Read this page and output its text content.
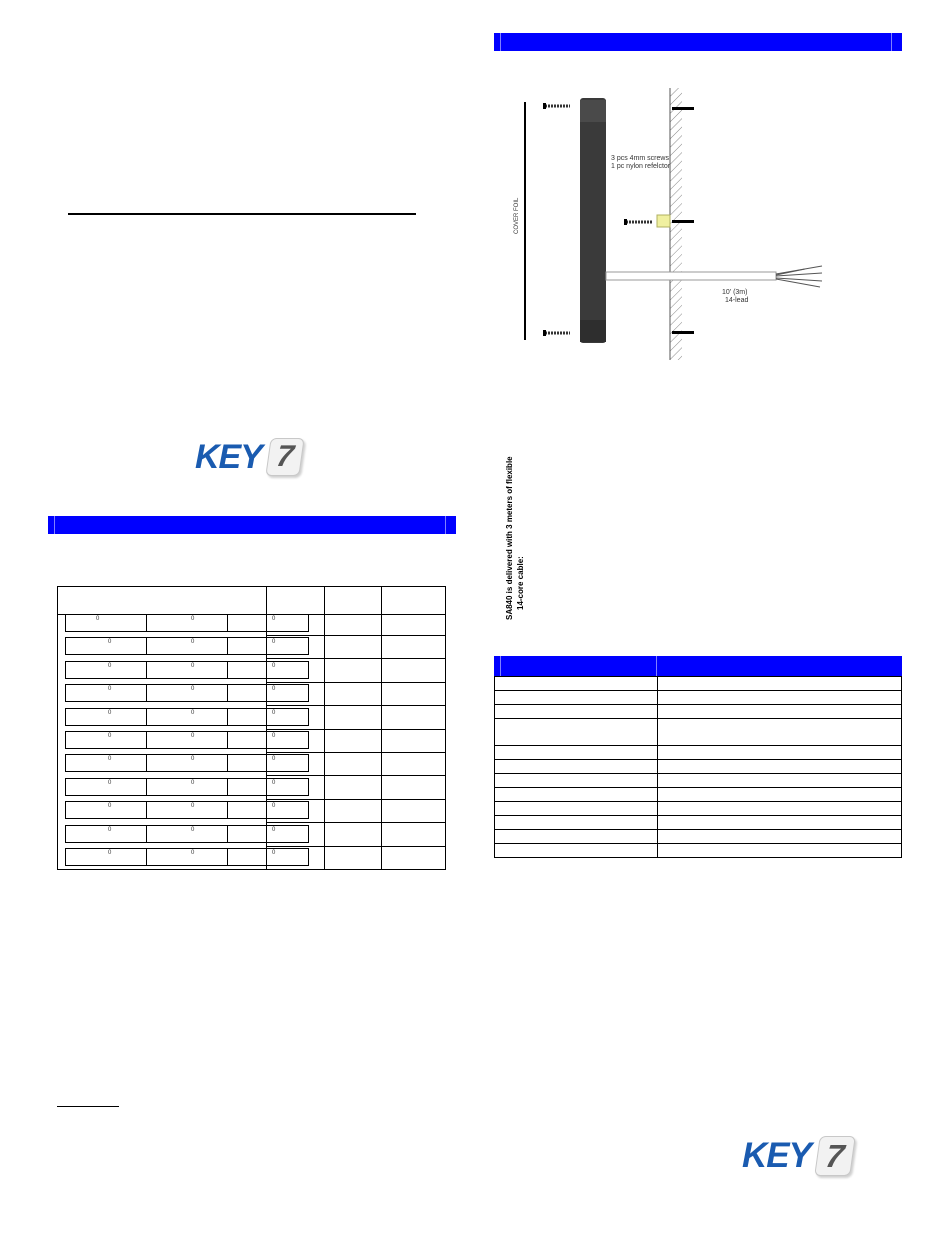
KEY 7
0	0	0
0	0	0
0	0	0
0	0	0
0	0	0
0	0	0
0	0	0
0	0	0
0	0	0
0	0	0
0	0	0
3 pcs 4mm screws
1 pc nylon refelctor
10' (3m)
14-lead
COVER FOIL
SA840 is delivered with 3 meters of flexible 14-core cable:

KEY 7
